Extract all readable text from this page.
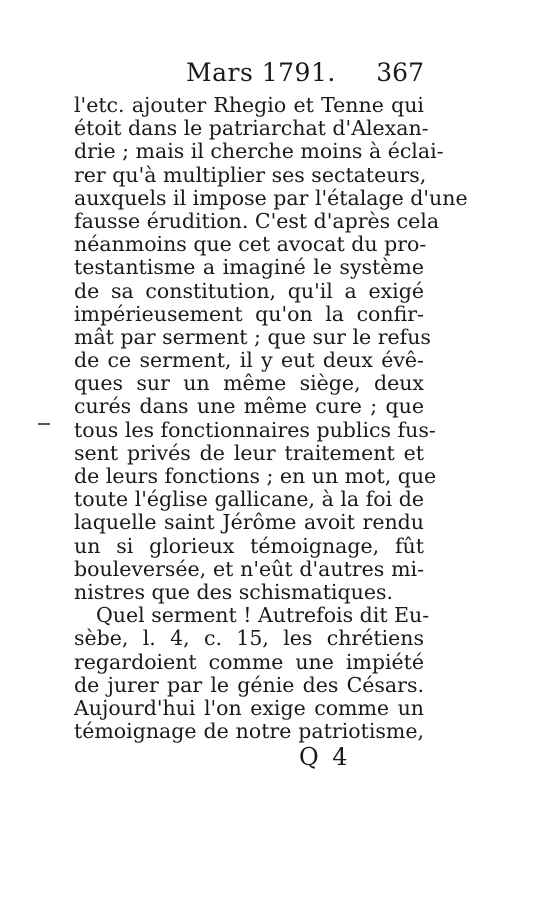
Mars 1791. 367
l'etc. ajouter Rhegio et Tenne qui
étoit dans le patriarchat d'Alexan-
drie ; mais il cherche moins à éclai-
rer qu'à multiplier ses sectateurs,
auxquels il impose par l'étalage d'une
fausse érudition. C'est d'après cela
néanmoins que cet avocat du pro-
testantisme a imaginé le système
de sa constitution, qu'il a exigé
impérieusement qu'on la confir-
mât par serment ; que sur le refus
de ce serment, il y eut deux évê-
ques sur un même siège, deux
curés dans une même cure ; que
tous les fonctionnaires publics fus-
sent privés de leur traitement et
de leurs fonctions ; en un mot, que
toute l'église gallicane, à la foi de
laquelle saint Jérôme avoit rendu
un si glorieux témoignage, fût
bouleversée, et n'eût d'autres mi-
nistres que des schismatiques.
Quel serment ! Autrefois dit Eu-
sèbe, l. 4, c. 15, les chrétiens
regardoient comme une impiété
de jurer par le génie des Césars.
Aujourd'hui l'on exige comme un
témoignage de notre patriotisme,
Q 4
